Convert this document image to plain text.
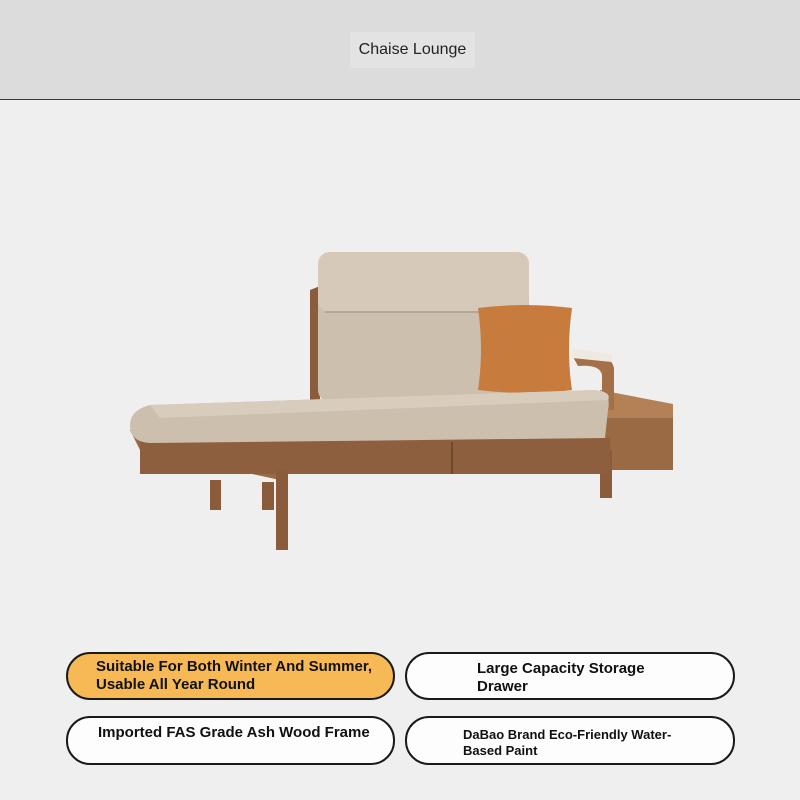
Chaise Lounge
Suitable For Both Winter And Summer, Usable All Year Round
Large Capacity Storage Drawer
Imported FAS Grade Ash Wood Frame	DaBao Brand Eco-Friendly Water-Based Paint
